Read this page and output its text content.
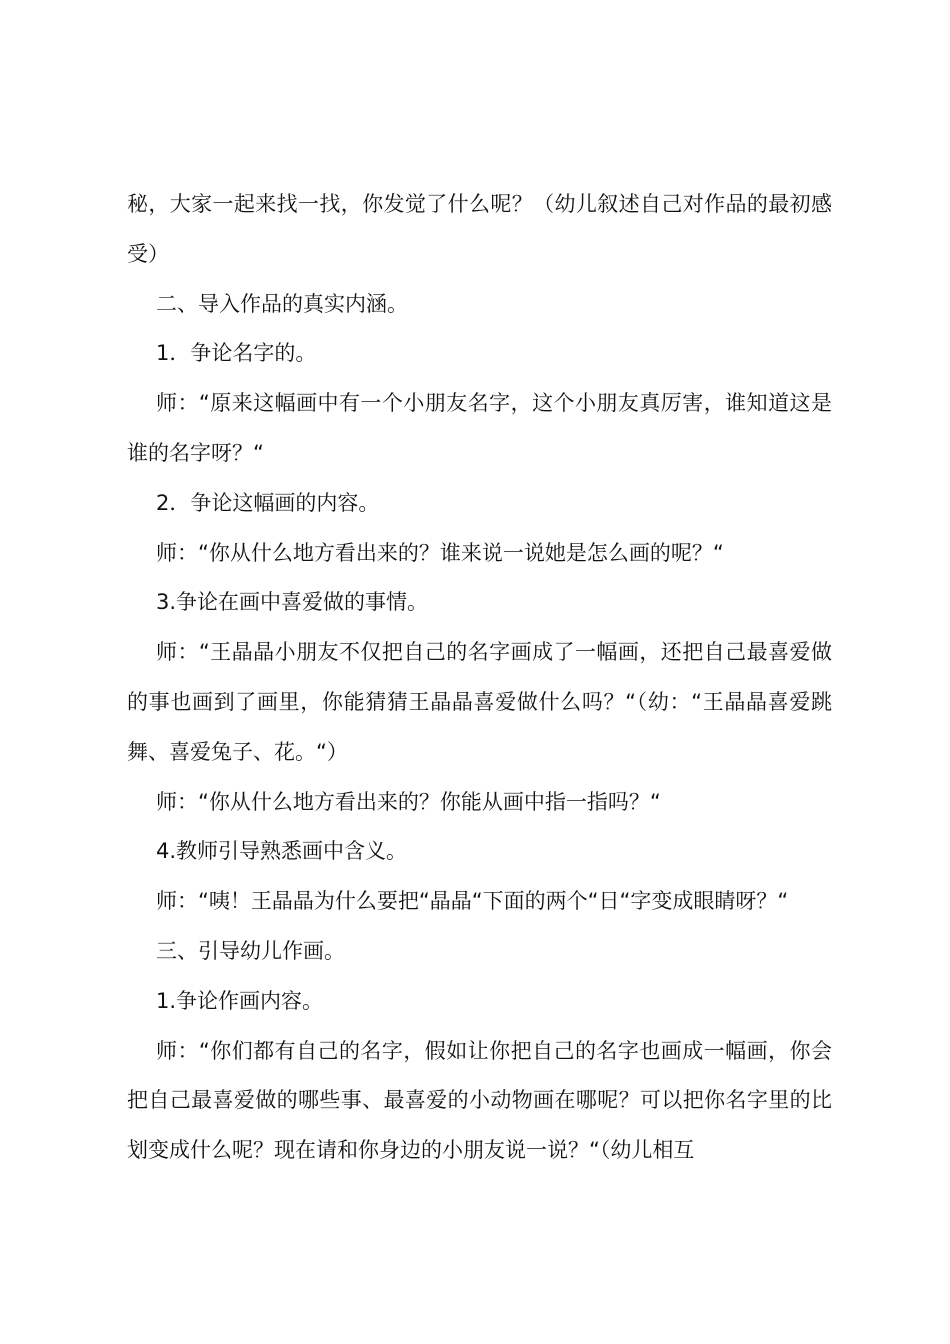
秘，大家一起来找一找，你发觉了什么呢？（幼儿叙述自己对作品的最初感受）

二、导入作品的真实内涵。

1．争论名字的。

师：“原来这幅画中有一个小朋友名字，这个小朋友真厉害，谁知道这是谁的名字呀？“

2．争论这幅画的内容。

师：“你从什么地方看出来的？谁来说一说她是怎么画的呢？“

3.争论在画中喜爱做的事情。

师：“王晶晶小朋友不仅把自己的名字画成了一幅画，还把自己最喜爱做的事也画到了画里，你能猜猜王晶晶喜爱做什么吗？“（幼：“王晶晶喜爱跳舞、喜爱兔子、花。“）

师：“你从什么地方看出来的？你能从画中指一指吗？“

4.教师引导熟悉画中含义。

师：“咦！王晶晶为什么要把“晶晶“下面的两个“日“字变成眼睛呀？“

三、引导幼儿作画。

1.争论作画内容。

师：“你们都有自己的名字，假如让你把自己的名字也画成一幅画，你会把自己最喜爱做的哪些事、最喜爱的小动物画在哪呢？可以把你名字里的比划变成什么呢？现在请和你身边的小朋友说一说？“（幼儿相互
